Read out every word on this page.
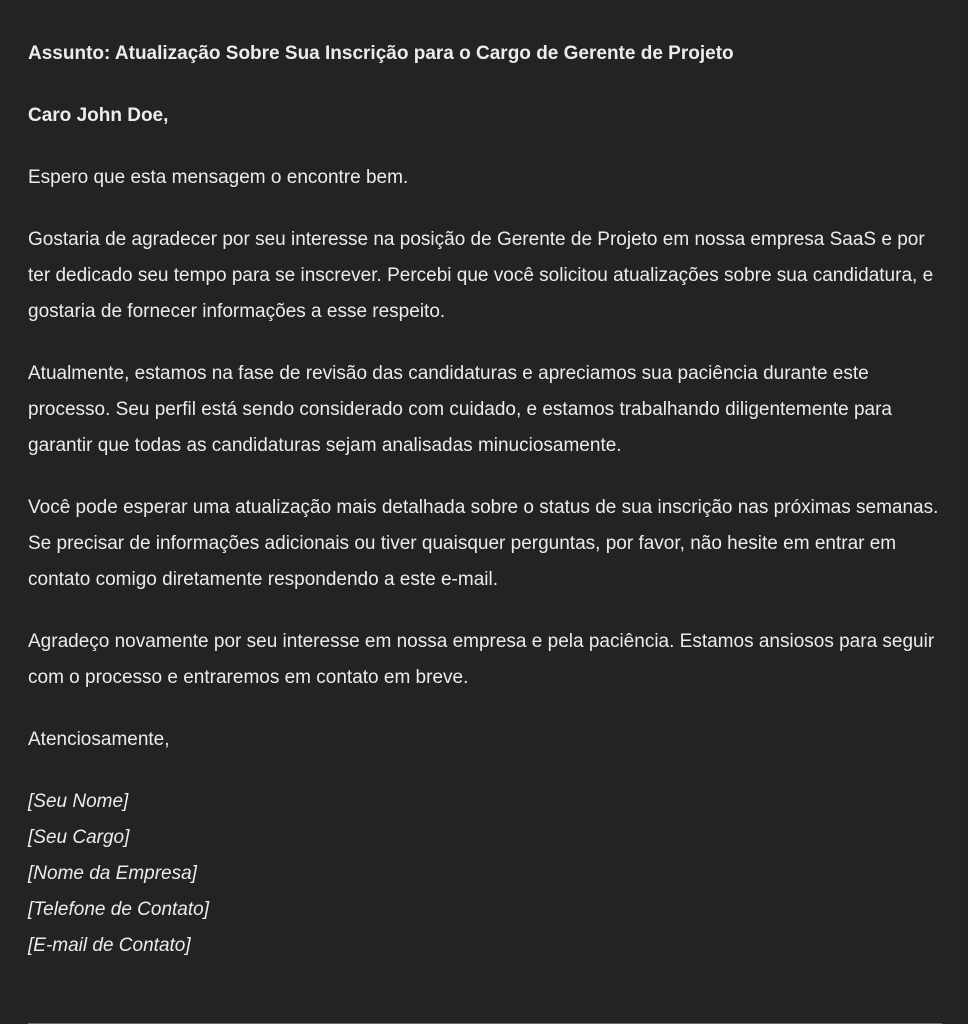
Assunto: Atualização Sobre Sua Inscrição para o Cargo de Gerente de Projeto

Caro John Doe,

Espero que esta mensagem o encontre bem.

Gostaria de agradecer por seu interesse na posição de Gerente de Projeto em nossa empresa SaaS e por ter dedicado seu tempo para se inscrever. Percebi que você solicitou atualizações sobre sua candidatura, e gostaria de fornecer informações a esse respeito.

Atualmente, estamos na fase de revisão das candidaturas e apreciamos sua paciência durante este processo. Seu perfil está sendo considerado com cuidado, e estamos trabalhando diligentemente para garantir que todas as candidaturas sejam analisadas minuciosamente.

Você pode esperar uma atualização mais detalhada sobre o status de sua inscrição nas próximas semanas. Se precisar de informações adicionais ou tiver quaisquer perguntas, por favor, não hesite em entrar em contato comigo diretamente respondendo a este e-mail.

Agradeço novamente por seu interesse em nossa empresa e pela paciência. Estamos ansiosos para seguir com o processo e entraremos em contato em breve.

Atenciosamente,

[Seu Nome]

[Seu Cargo]

[Nome da Empresa]

[Telefone de Contato]

[E-mail de Contato]
